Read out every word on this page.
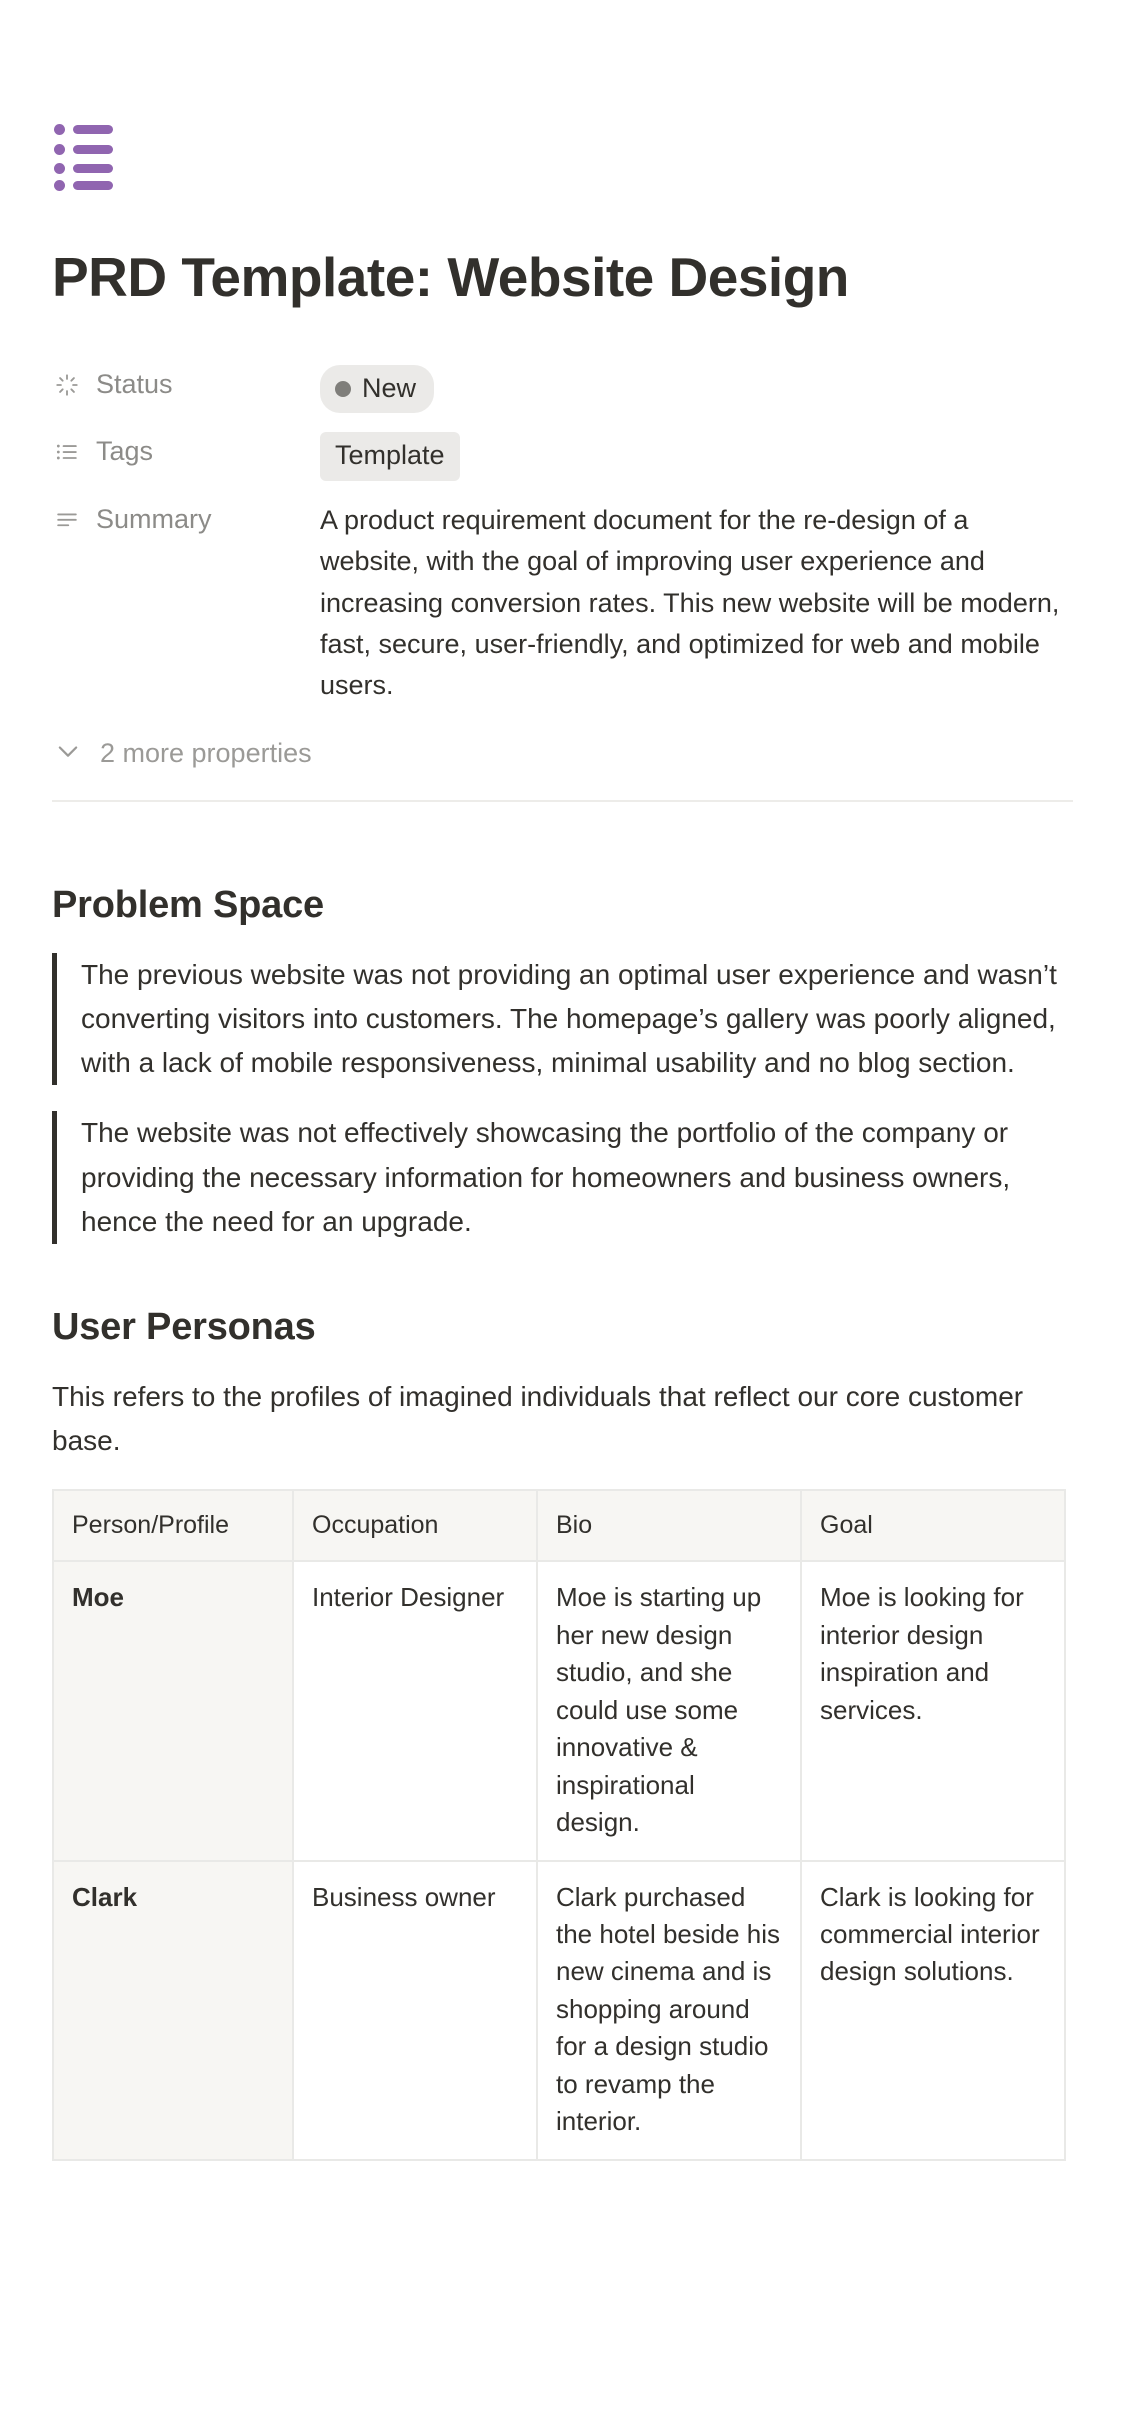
PRD Template: Website Design
Status	New
Tags	Template
Summary	A product requirement document for the re-design of a website, with the goal of improving user experience and increasing conversion rates. This new website will be modern, fast, secure, user-friendly, and optimized for web and mobile users.
2 more properties
Problem Space
The previous website was not providing an optimal user experience and wasn’t converting visitors into customers. The homepage’s gallery was poorly aligned, with a lack of mobile responsiveness, minimal usability and no blog section.
The website was not effectively showcasing the portfolio of the company or providing the necessary information for homeowners and business owners, hence the need for an upgrade.
User Personas

This refers to the profiles of imagined individuals that reflect our core customer base.

Person/Profile	Occupation	Bio	Goal
Moe	Interior Designer	Moe is starting up her new design studio, and she could use some innovative & inspirational design.	Moe is looking for interior design inspiration and services.
Clark	Business owner	Clark purchased the hotel beside his new cinema and is shopping around for a design studio to revamp the interior.	Clark is looking for commercial interior design solutions.
